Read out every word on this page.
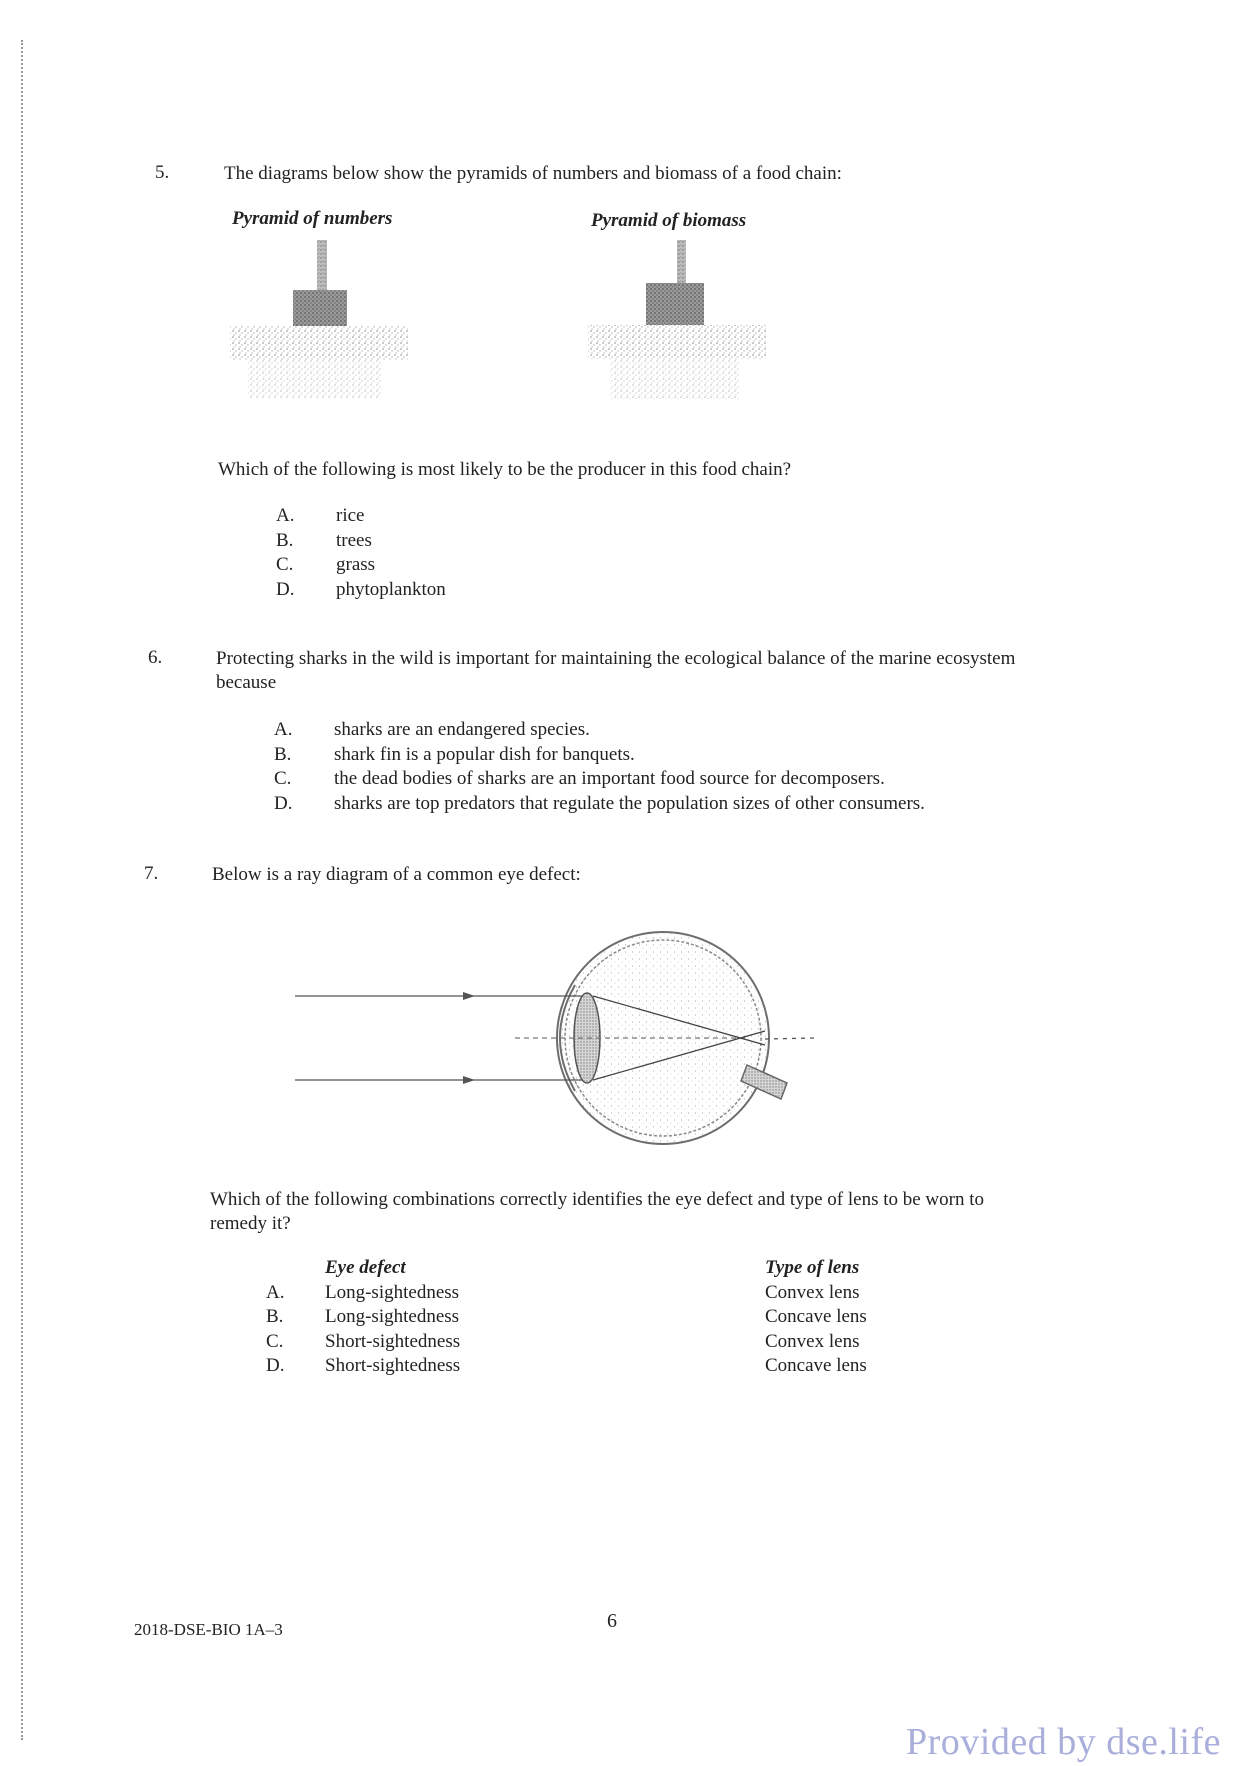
5.	The diagrams below show the pyramids of numbers and biomass of a food chain:
Pyramid of numbers	Pyramid of biomass
Which of the following is most likely to be the producer in this food chain?
A.	rice
B.	trees
C.	grass
D.	phytoplankton
6.	Protecting sharks in the wild is important for maintaining the ecological balance of the marine ecosystem
because
A.	sharks are an endangered species.
B.	shark fin is a popular dish for banquets.
C.	the dead bodies of sharks are an important food source for decomposers.
D.	sharks are top predators that regulate the population sizes of other consumers.
7.	Below is a ray diagram of a common eye defect:
Which of the following combinations correctly identifies the eye defect and type of lens to be worn to
remedy it?
Eye defect	Type of lens
A.	Long-sightedness	Convex lens
B.	Long-sightedness	Concave lens
C.	Short-sightedness	Convex lens
D.	Short-sightedness	Concave lens
2018-DSE-BIO 1A–3	6
Provided by dse.life
